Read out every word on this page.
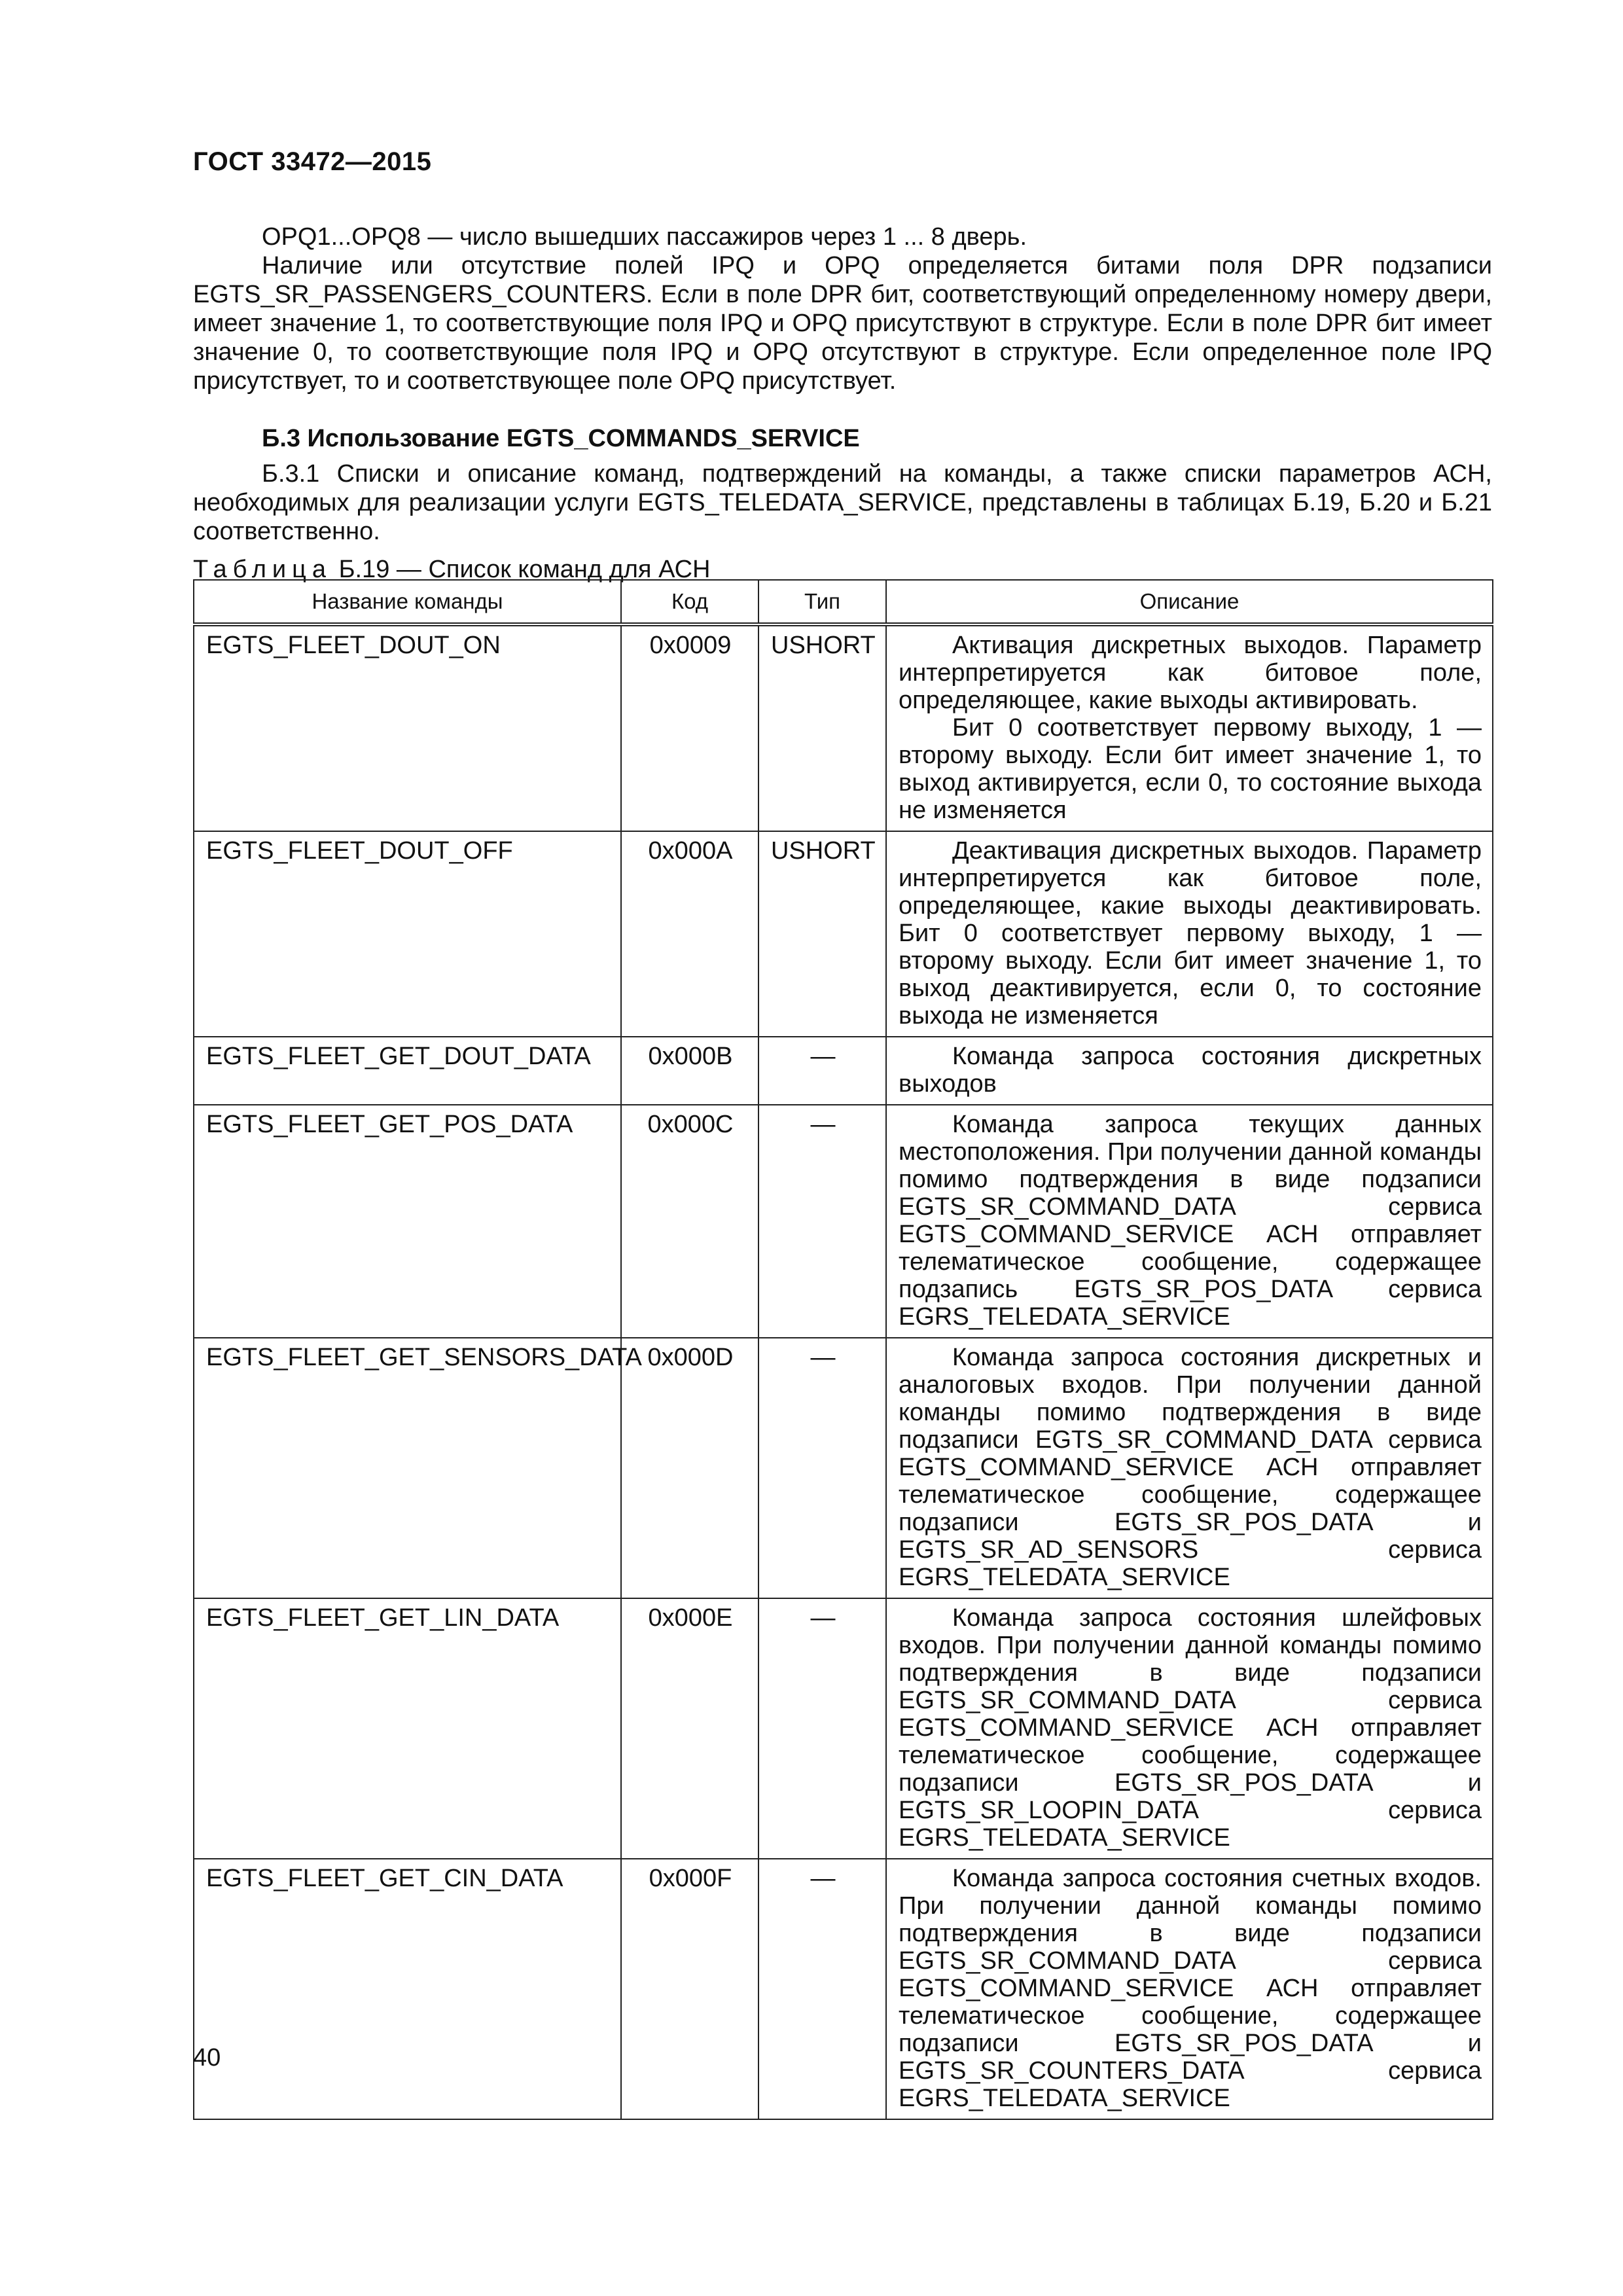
ГОСТ 33472—2015

OPQ1...OPQ8 — число вышедших пассажиров через 1 ... 8 дверь.

Наличие или отсутствие полей IPQ и OPQ определяется битами поля DPR подзаписи EGTS_SR_PASSENGERS_COUNTERS. Если в поле DPR бит, соответствующий определенному номеру двери, имеет значение 1, то соответствующие поля IPQ и OPQ присутствуют в структуре. Если в поле DPR бит имеет значение 0, то соответствующие поля IPQ и OPQ отсутствуют в структуре. Если определенное поле IPQ присутствует, то и соответствующее поле OPQ присутствует.

Б.3 Использование EGTS_COMMANDS_SERVICE

Б.3.1 Списки и описание команд, подтверждений на команды, а также списки параметров АСН, необходимых для реализации услуги EGTS_TELEDATA_SERVICE, представлены в таблицах Б.19, Б.20 и Б.21 соответственно.

Таблица Б.19 — Список команд для АСН

Название команды	Код	Тип	Описание
EGTS_FLEET_DOUT_ON	0x0009	USHORT	Активация дискретных выходов. Параметр интерпретируется как битовое поле, определяющее, какие выходы активировать.
Бит 0 соответствует первому выходу, 1 — второму выходу. Если бит имеет значение 1, то выход активируется, если 0, то состояние выхода не изменяется

EGTS_FLEET_DOUT_OFF	0x000A	USHORT	Деактивация дискретных выходов. Параметр интерпретируется как битовое поле, определяющее, какие выходы деактивировать. Бит 0 соответствует первому выходу, 1 — второму выходу. Если бит имеет значение 1, то выход деактивируется, если 0, то состояние выхода не изменяется

EGTS_FLEET_GET_DOUT_DATA	0x000B	—	Команда запроса состояния дискретных выходов

EGTS_FLEET_GET_POS_DATA	0x000C	—	Команда запроса текущих данных местоположения. При получении данной команды помимо подтверждения в виде подзаписи EGTS_SR_COMMAND_DATA сервиса EGTS_COMMAND_SERVICE АСН отправляет телематическое сообщение, содержащее подзапись EGTS_SR_POS_DATA сервиса EGRS_TELEDATA_SERVICE

EGTS_FLEET_GET_SENSORS_DATA	0x000D	—	Команда запроса состояния дискретных и аналоговых входов. При получении данной команды помимо подтверждения в виде подзаписи EGTS_SR_COMMAND_DATA сервиса EGTS_COMMAND_SERVICE АСН отправляет телематическое сообщение, содержащее подзаписи EGTS_SR_POS_DATA и EGTS_SR_AD_SENSORS сервиса EGRS_TELEDATA_SERVICE

EGTS_FLEET_GET_LIN_DATA	0x000E	—	Команда запроса состояния шлейфовых входов. При получении данной команды помимо подтверждения в виде подзаписи EGTS_SR_COMMAND_DATA сервиса EGTS_COMMAND_SERVICE АСН отправляет телематическое сообщение, содержащее подзаписи EGTS_SR_POS_DATA и EGTS_SR_LOOPIN_DATA сервиса EGRS_TELEDATA_SERVICE

EGTS_FLEET_GET_CIN_DATA	0x000F	—	Команда запроса состояния счетных входов. При получении данной команды помимо подтверждения в виде подзаписи EGTS_SR_COMMAND_DATA сервиса EGTS_COMMAND_SERVICE АСН отправляет телематическое сообщение, содержащее подзаписи EGTS_SR_POS_DATA и EGTS_SR_COUNTERS_DATA сервиса EGRS_TELEDATA_SERVICE
40
